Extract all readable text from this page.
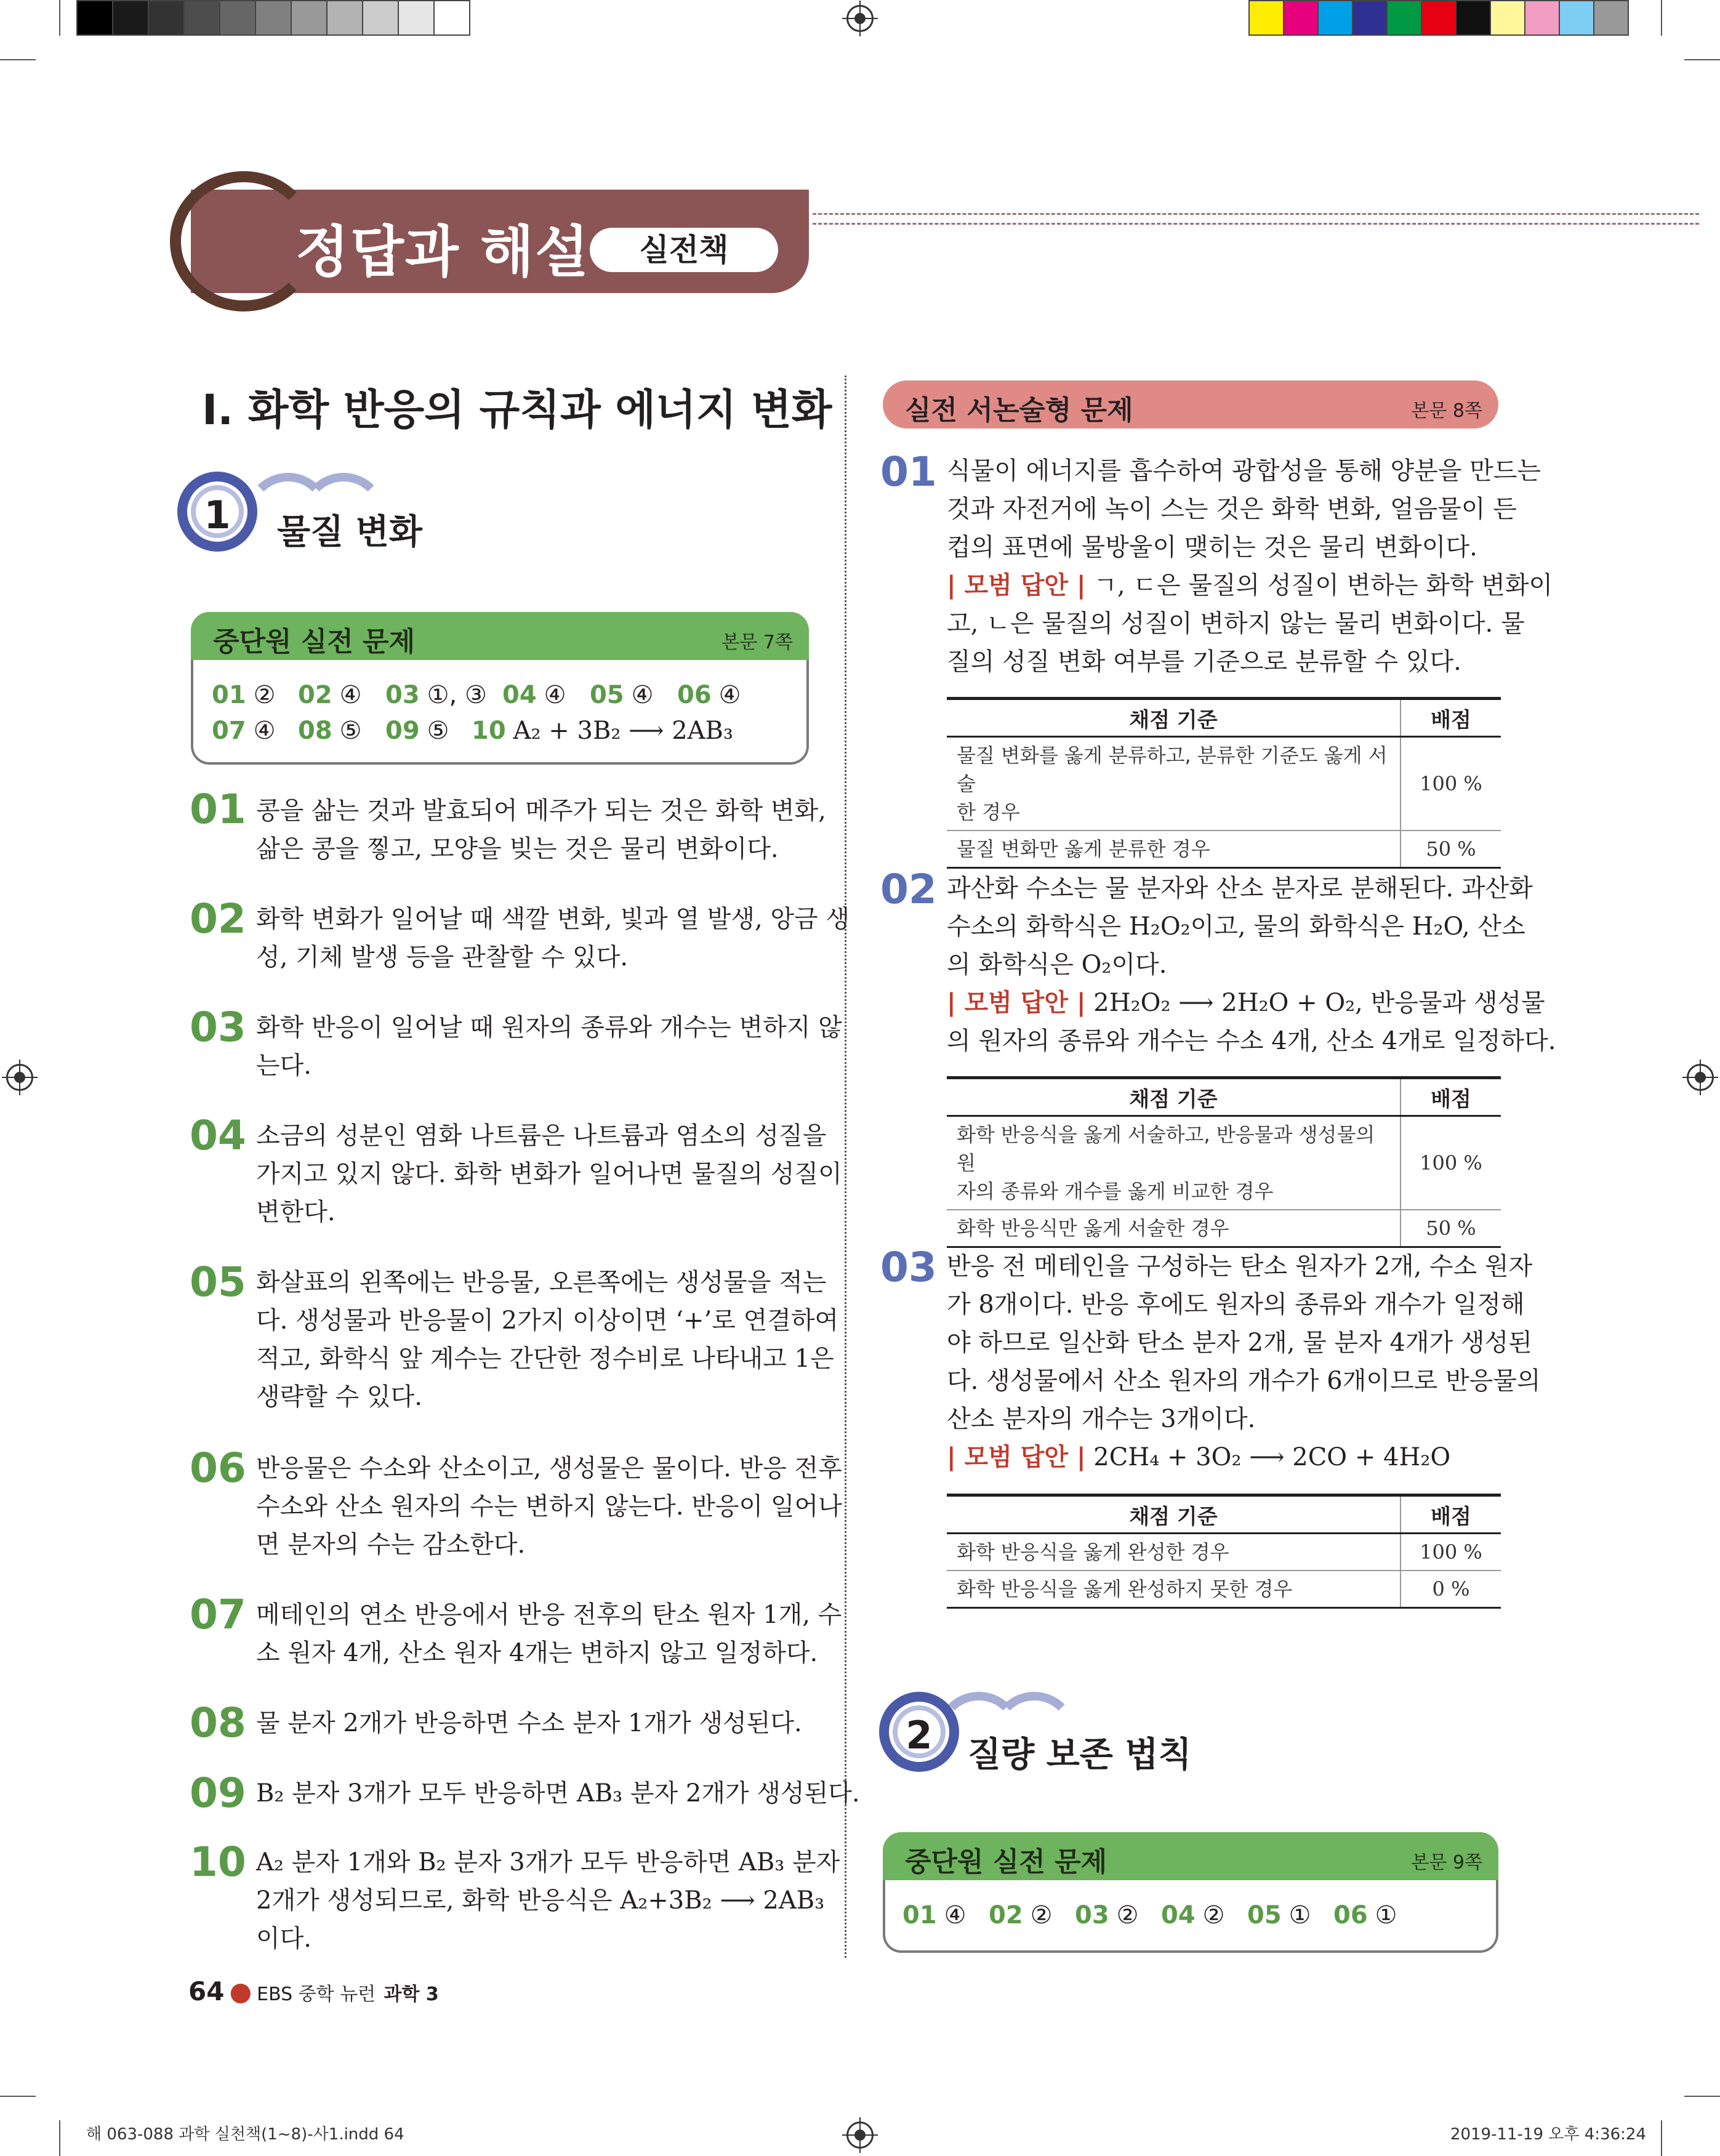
정답과 해설	실전책
Ⅰ. 화학 반응의 규칙과 에너지 변화
1	물질 변화
중단원 실전 문제	본문 7쪽
01 ② 02 ④ 03 ①, ③ 04 ④ 05 ④ 06 ④
07 ④ 08 ⑤ 09 ⑤ 10 A₂ + 3B₂ ⟶ 2AB₃
01 콩을 삶는 것과 발효되어 메주가 되는 것은 화학 변화,
삶은 콩을 찧고, 모양을 빚는 것은 물리 변화이다.
02 화학 변화가 일어날 때 색깔 변화, 빛과 열 발생, 앙금 생
성, 기체 발생 등을 관찰할 수 있다.
03 화학 반응이 일어날 때 원자의 종류와 개수는 변하지 않
는다.
04 소금의 성분인 염화 나트륨은 나트륨과 염소의 성질을
가지고 있지 않다. 화학 변화가 일어나면 물질의 성질이
변한다.
05 화살표의 왼쪽에는 반응물, 오른쪽에는 생성물을 적는
다. 생성물과 반응물이 2가지 이상이면 ‘+’로 연결하여
적고, 화학식 앞 계수는 간단한 정수비로 나타내고 1은
생략할 수 있다.
06 반응물은 수소와 산소이고, 생성물은 물이다. 반응 전후
수소와 산소 원자의 수는 변하지 않는다. 반응이 일어나
면 분자의 수는 감소한다.
07 메테인의 연소 반응에서 반응 전후의 탄소 원자 1개, 수
소 원자 4개, 산소 원자 4개는 변하지 않고 일정하다.
08 물 분자 2개가 반응하면 수소 분자 1개가 생성된다.
09 B₂ 분자 3개가 모두 반응하면 AB₃ 분자 2개가 생성된다.
10 A₂ 분자 1개와 B₂ 분자 3개가 모두 반응하면 AB₃ 분자
2개가 생성되므로, 화학 반응식은 A₂+3B₂ ⟶ 2AB₃
이다.
실전 서논술형 문제	본문 8쪽
01 식물이 에너지를 흡수하여 광합성을 통해 양분을 만드는
것과 자전거에 녹이 스는 것은 화학 변화, 얼음물이 든
컵의 표면에 물방울이 맺히는 것은 물리 변화이다.
| 모범 답안 | ㄱ, ㄷ은 물질의 성질이 변하는 화학 변화이
고, ㄴ은 물질의 성질이 변하지 않는 물리 변화이다. 물
질의 성질 변화 여부를 기준으로 분류할 수 있다.
채점 기준	배점
물질 변화를 옳게 분류하고, 분류한 기준도 옳게 서술
한 경우	100 %
물질 변화만 옳게 분류한 경우	50 %
02 과산화 수소는 물 분자와 산소 분자로 분해된다. 과산화
수소의 화학식은 H₂O₂이고, 물의 화학식은 H₂O, 산소
의 화학식은 O₂이다.
| 모범 답안 | 2H₂O₂ ⟶ 2H₂O + O₂, 반응물과 생성물
의 원자의 종류와 개수는 수소 4개, 산소 4개로 일정하다.
채점 기준	배점
화학 반응식을 옳게 서술하고, 반응물과 생성물의 원
자의 종류와 개수를 옳게 비교한 경우	100 %
화학 반응식만 옳게 서술한 경우	50 %
03 반응 전 메테인을 구성하는 탄소 원자가 2개, 수소 원자
가 8개이다. 반응 후에도 원자의 종류와 개수가 일정해
야 하므로 일산화 탄소 분자 2개, 물 분자 4개가 생성된
다. 생성물에서 산소 원자의 개수가 6개이므로 반응물의
산소 분자의 개수는 3개이다.
| 모범 답안 | 2CH₄ + 3O₂ ⟶ 2CO + 4H₂O
채점 기준	배점
화학 반응식을 옳게 완성한 경우	100 %
화학 반응식을 옳게 완성하지 못한 경우	0 %
2	질량 보존 법칙
중단원 실전 문제	본문 9쪽
01 ④ 02 ② 03 ② 04 ② 05 ① 06 ①
64 ● EBS 중학 뉴런 과학 3
해 063-088 과학 실천책(1~8)-사1.indd 64	2019-11-19 오후 4:36:24
